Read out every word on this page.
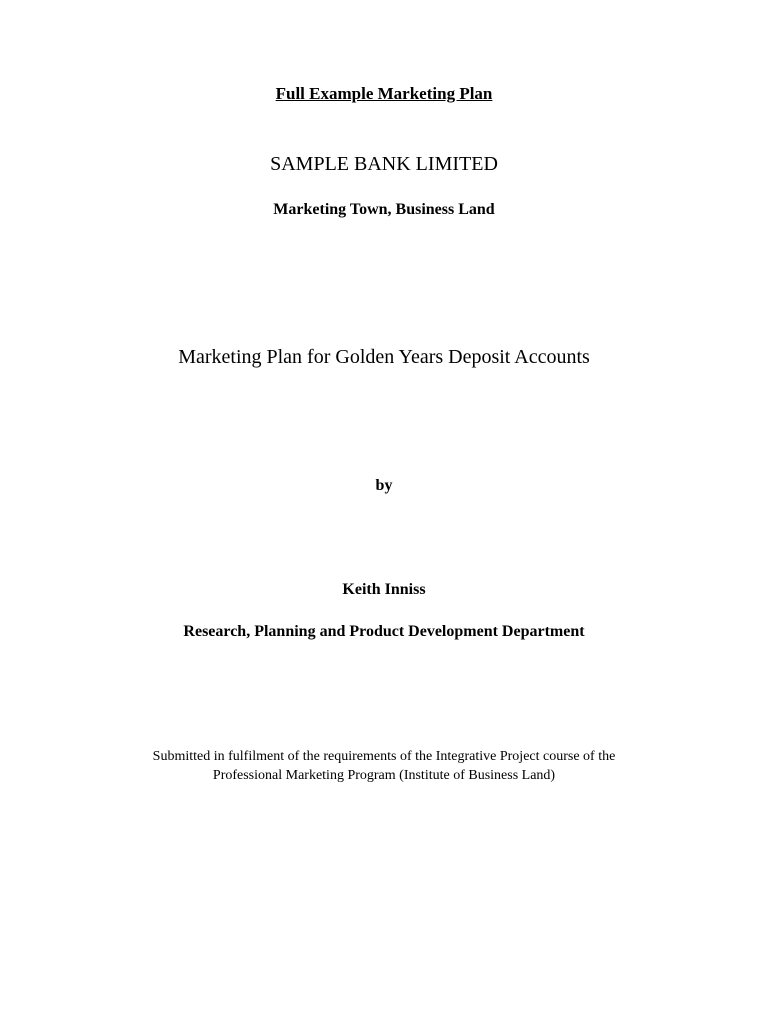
Full Example Marketing Plan

SAMPLE BANK LIMITED

Marketing Town, Business Land

Marketing Plan for Golden Years Deposit Accounts

by

Keith Inniss

Research, Planning and Product Development Department

Submitted in fulfilment of the requirements of the Integrative Project course of the
Professional Marketing Program (Institute of Business Land)
